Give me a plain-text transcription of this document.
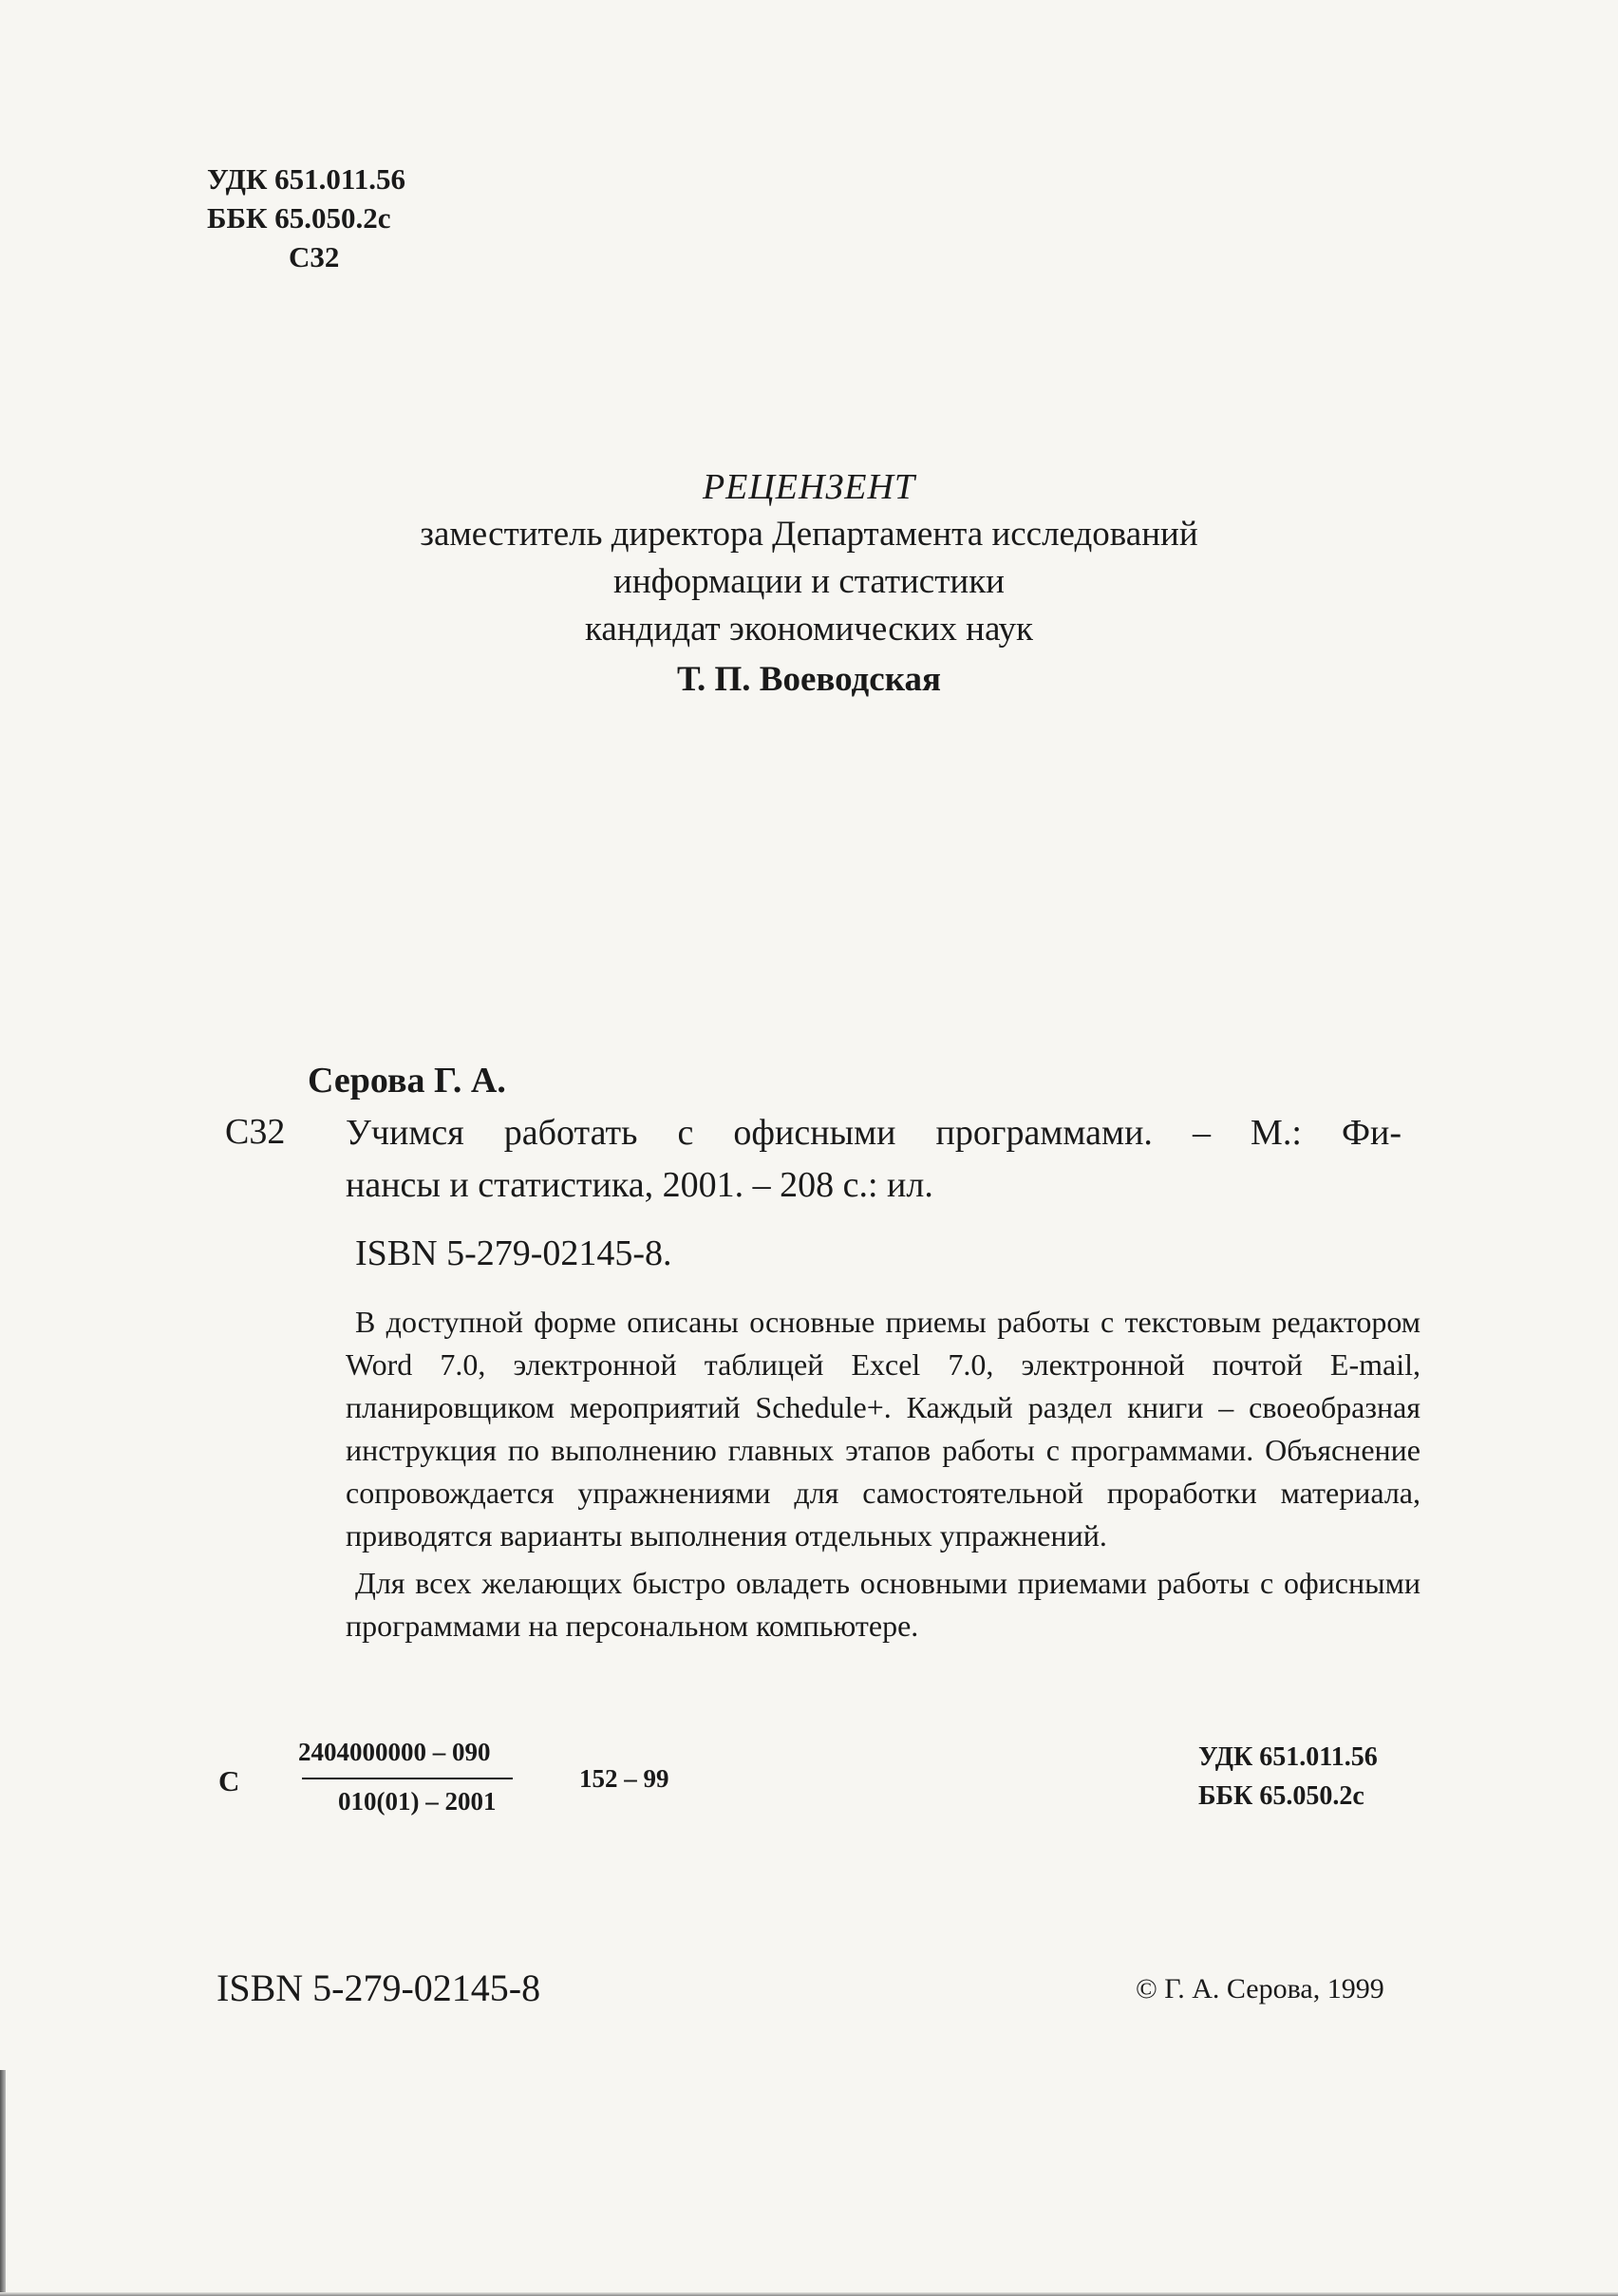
УДК 651.011.56
ББК 65.050.2с
С32
РЕЦЕНЗЕНТ
заместитель директора Департамента исследований
информации и статистики
кандидат экономических наук
Т. П. Воеводская
Серова Г. А.
С32 Учимся работать с офисными программами. – М.: Фи-
нансы и статистика, 2001. – 208 с.: ил.
ISBN 5-279-02145-8.

В доступной форме описаны основные приемы работы с текстовым редактором Word 7.0, электронной таблицей Excel 7.0, электронной почтой E-mail, планировщиком мероприятий Schedule+. Каждый раздел книги – своеобразная инструкция по выполнению главных этапов работы с программами. Объяснение сопровождается упражнениями для самостоятельной проработки материала, приводятся варианты выполнения отдельных упражнений.

Для всех желающих быстро овладеть основными приемами работы с офисными программами на персональном компьютере.

С
2404000000 – 090
010(01) – 2001
152 – 99
УДК 651.011.56
ББК 65.050.2с
ISBN 5-279-02145-8	© Г. А. Серова, 1999
